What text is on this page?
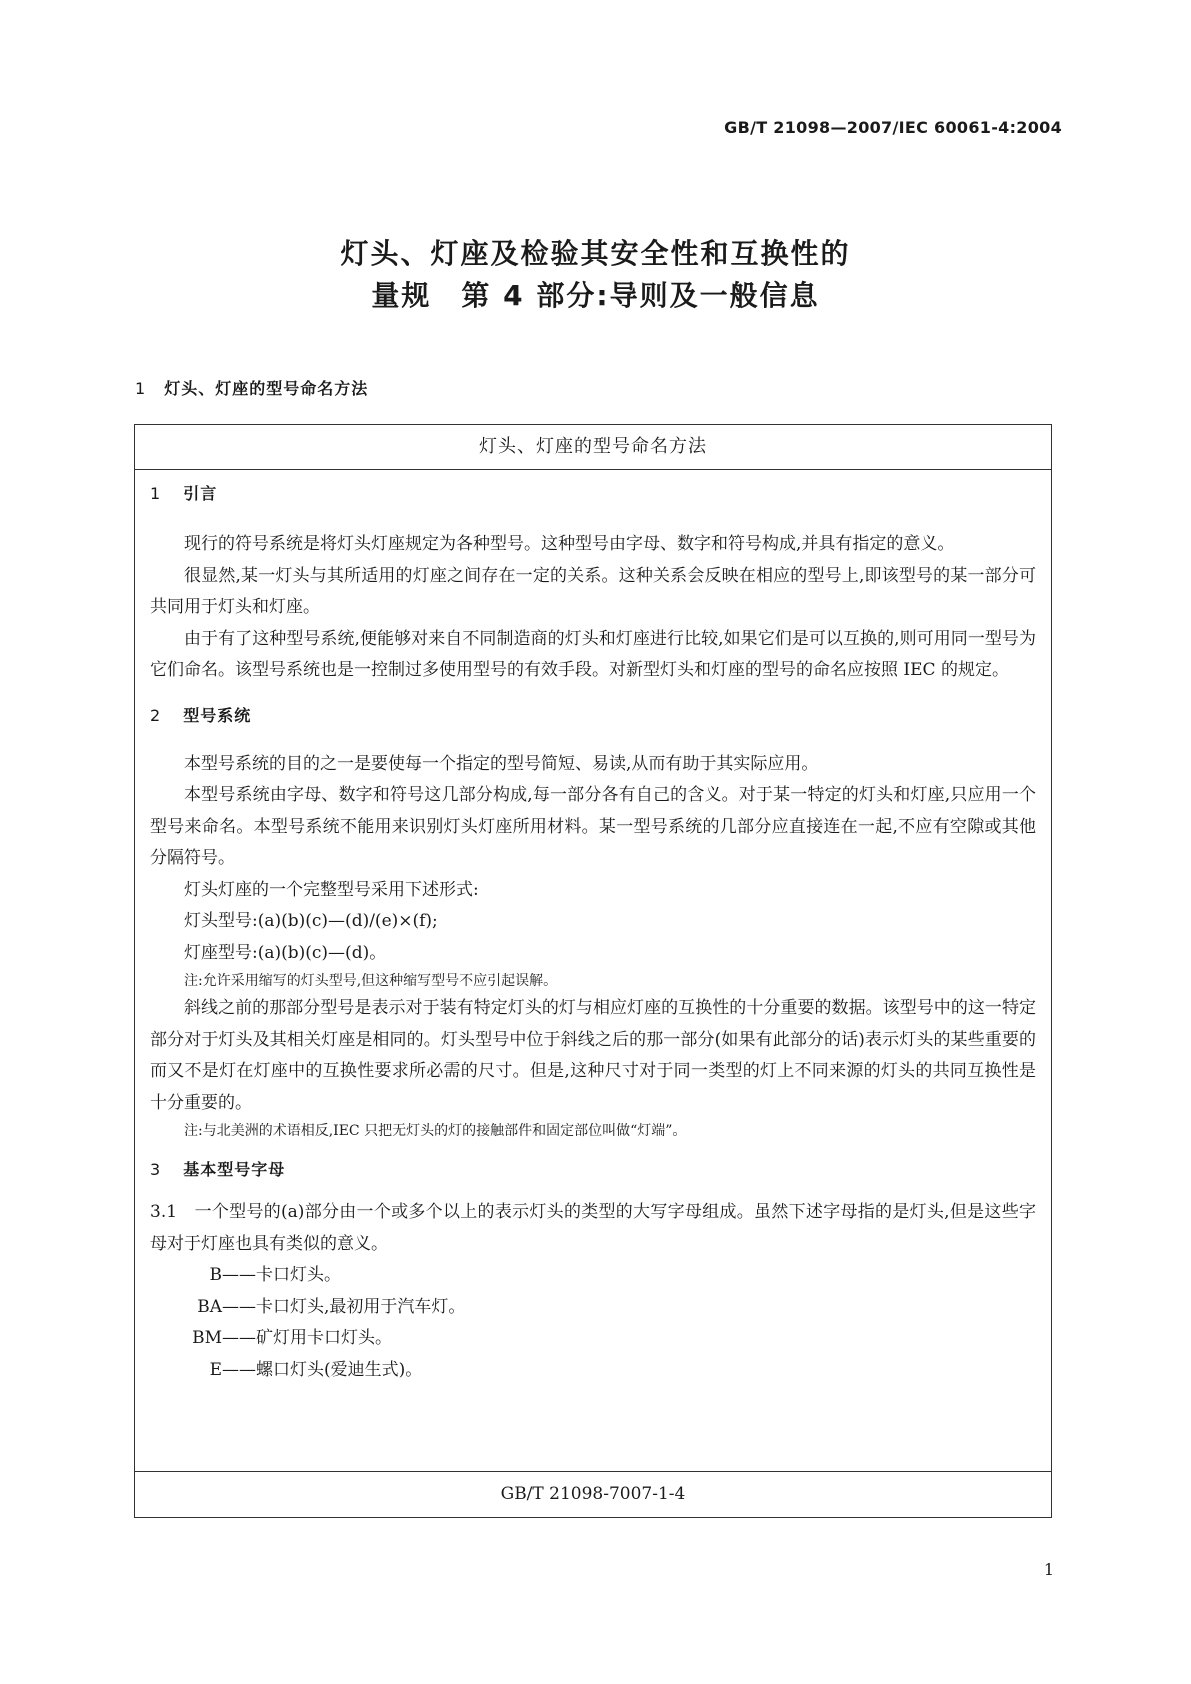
GB/T 21098—2007/IEC 60061-4:2004
灯头、灯座及检验其安全性和互换性的
量规　第 4 部分:导则及一般信息
1 灯头、灯座的型号命名方法
灯头、灯座的型号命名方法
1 引言

现行的符号系统是将灯头灯座规定为各种型号。这种型号由字母、数字和符号构成,并具有指定的意义。

很显然,某一灯头与其所适用的灯座之间存在一定的关系。这种关系会反映在相应的型号上,即该型号的某一部分可共同用于灯头和灯座。

由于有了这种型号系统,便能够对来自不同制造商的灯头和灯座进行比较,如果它们是可以互换的,则可用同一型号为它们命名。该型号系统也是一控制过多使用型号的有效手段。对新型灯头和灯座的型号的命名应按照 IEC 的规定。

2 型号系统

本型号系统的目的之一是要使每一个指定的型号简短、易读,从而有助于其实际应用。

本型号系统由字母、数字和符号这几部分构成,每一部分各有自己的含义。对于某一特定的灯头和灯座,只应用一个型号来命名。本型号系统不能用来识别灯头灯座所用材料。某一型号系统的几部分应直接连在一起,不应有空隙或其他分隔符号。

灯头灯座的一个完整型号采用下述形式:

灯头型号:(a)(b)(c)—(d)/(e)×(f);

灯座型号:(a)(b)(c)—(d)。

注:允许采用缩写的灯头型号,但这种缩写型号不应引起误解。

斜线之前的那部分型号是表示对于装有特定灯头的灯与相应灯座的互换性的十分重要的数据。该型号中的这一特定部分对于灯头及其相关灯座是相同的。灯头型号中位于斜线之后的那一部分(如果有此部分的话)表示灯头的某些重要的而又不是灯在灯座中的互换性要求所必需的尺寸。但是,这种尺寸对于同一类型的灯上不同来源的灯头的共同互换性是十分重要的。

注:与北美洲的术语相反,IEC 只把无灯头的灯的接触部件和固定部位叫做“灯端”。

3 基本型号字母

3.1　一个型号的(a)部分由一个或多个以上的表示灯头的类型的大写字母组成。虽然下述字母指的是灯头,但是这些字母对于灯座也具有类似的意义。

B ——卡口灯头。
BA ——卡口灯头,最初用于汽车灯。
BM ——矿灯用卡口灯头。
E ——螺口灯头(爱迪生式)。
GB/T 21098-7007-1-4
1
